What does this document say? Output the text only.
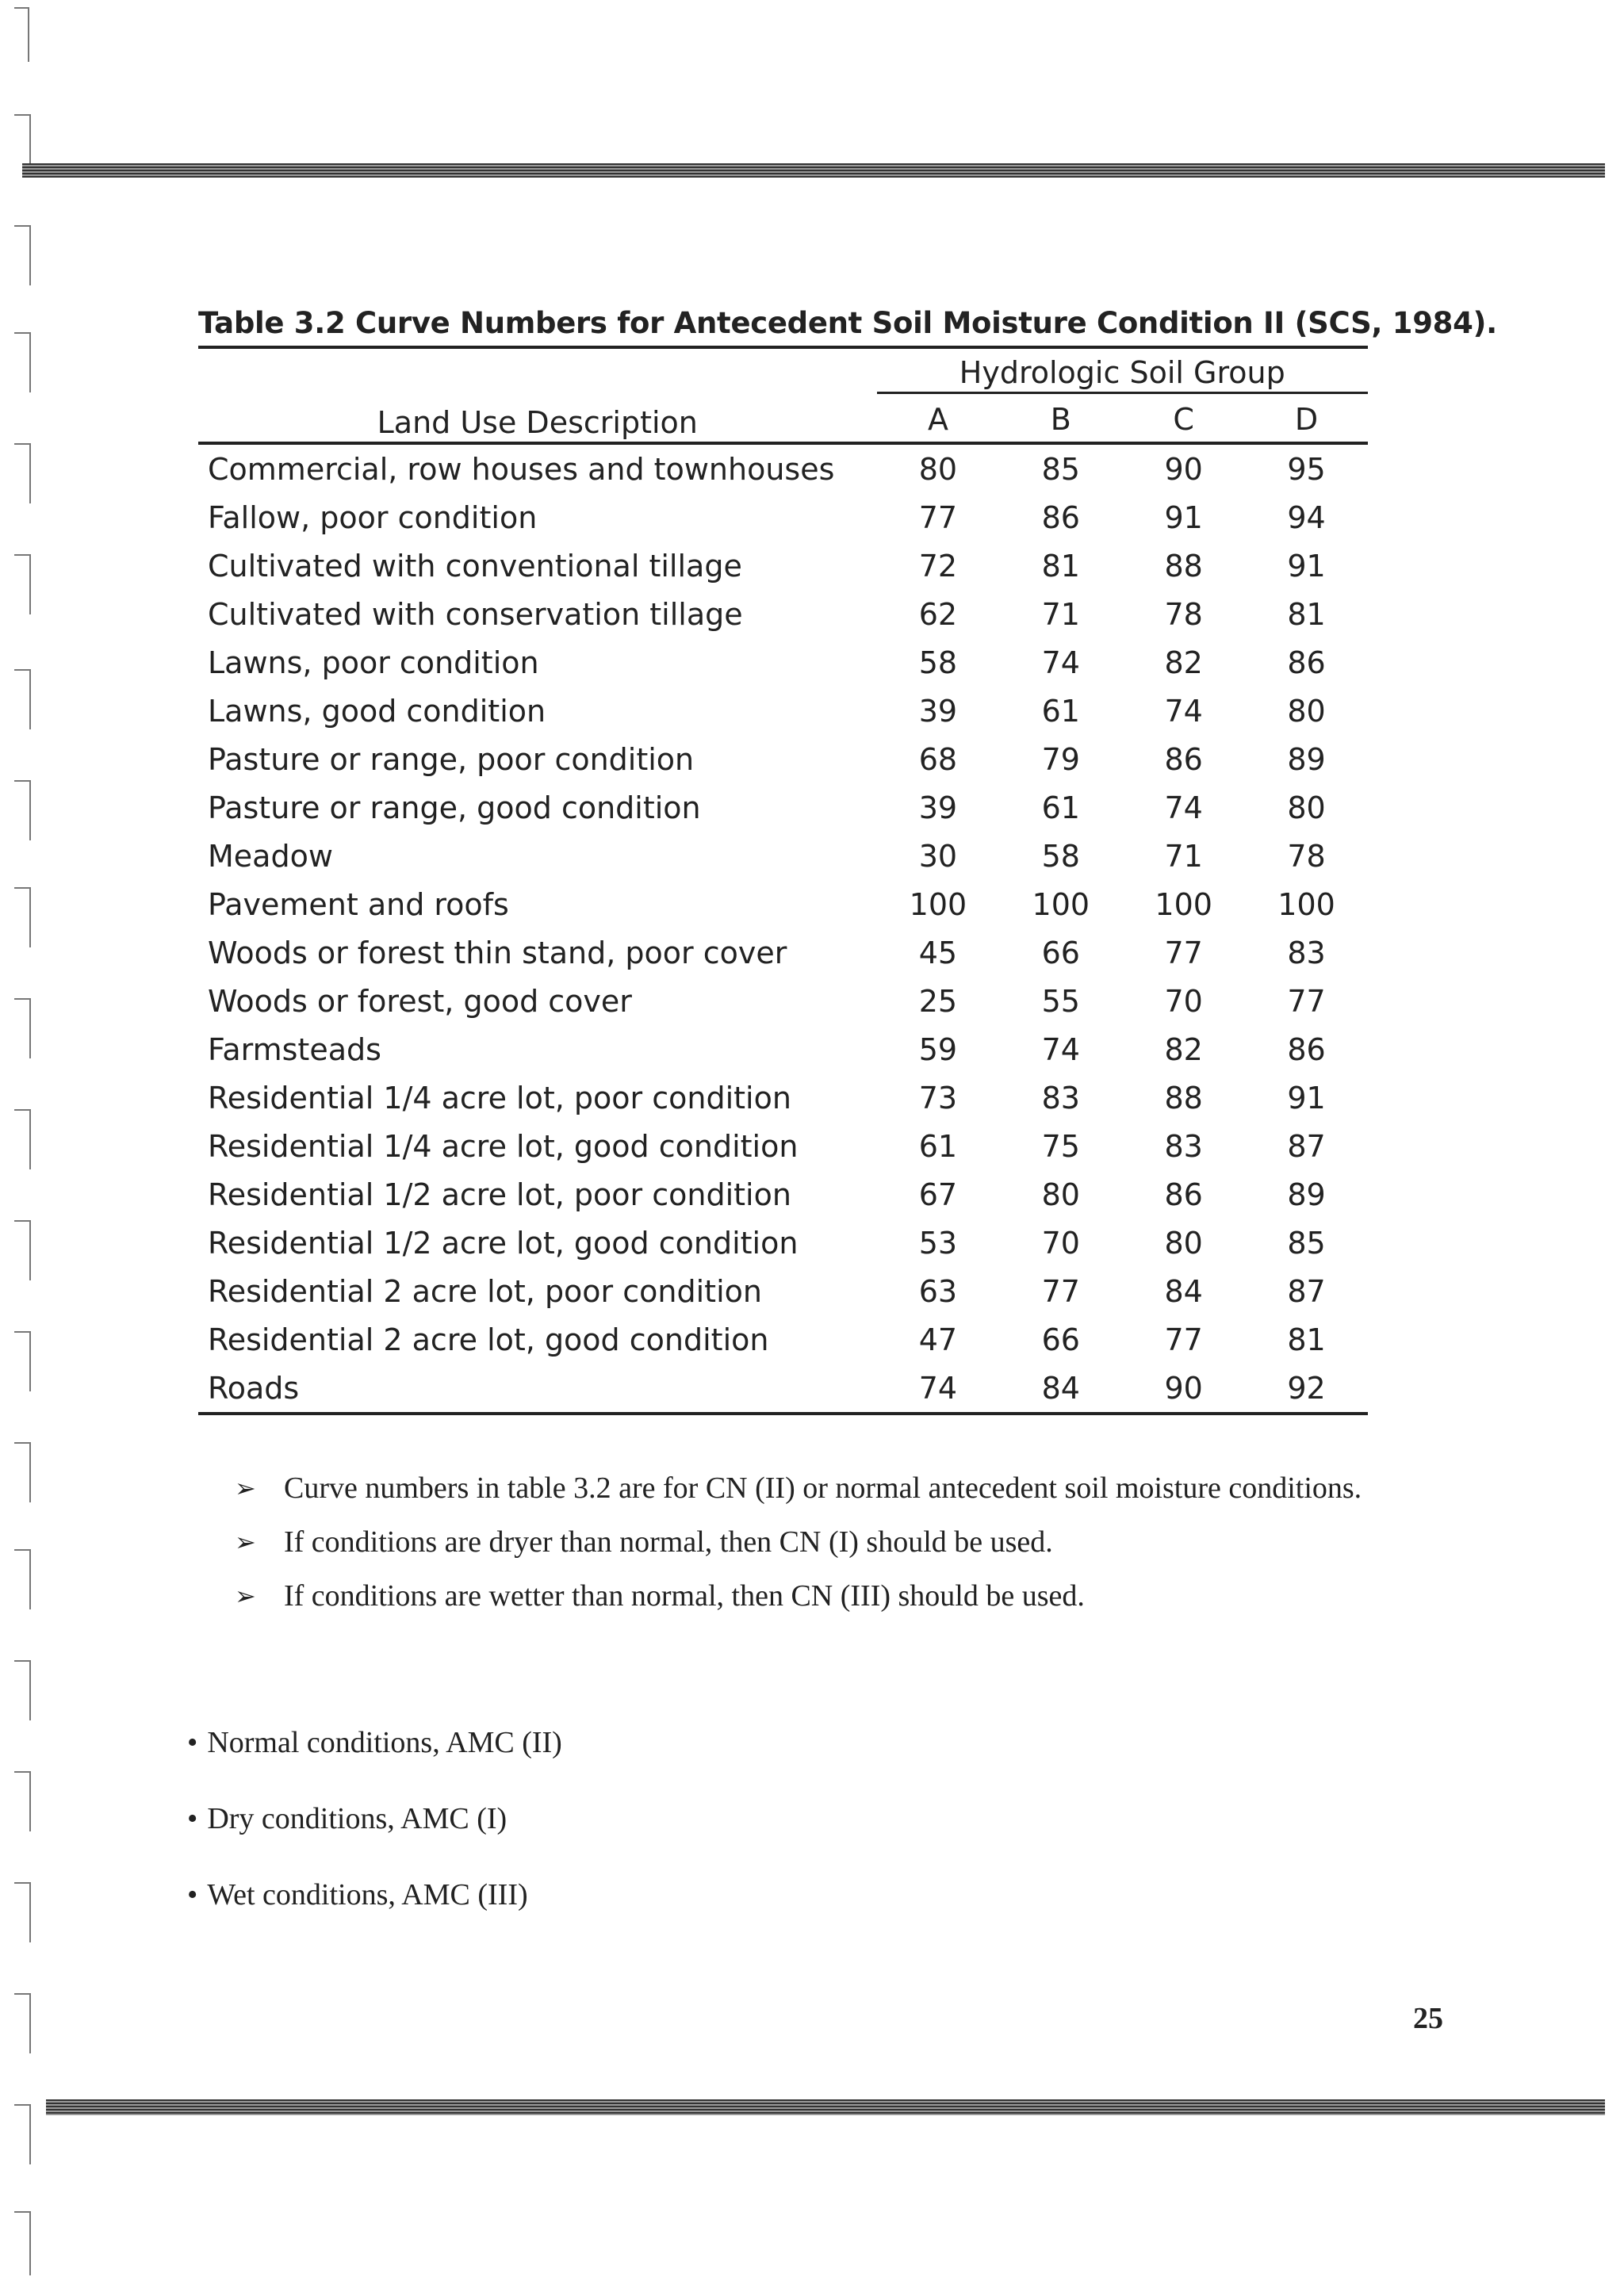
Table 3.2 Curve Numbers for Antecedent Soil Moisture Condition II (SCS, 1984).
Land Use Description	Hydrologic Soil Group			
	A	B	C	D
Commercial, row houses and townhouses	80	85	90	95
Fallow, poor condition	77	86	91	94
Cultivated with conventional tillage	72	81	88	91
Cultivated with conservation tillage	62	71	78	81
Lawns, poor condition	58	74	82	86
Lawns, good condition	39	61	74	80
Pasture or range, poor condition	68	79	86	89
Pasture or range, good condition	39	61	74	80
Meadow	30	58	71	78
Pavement and roofs	100	100	100	100
Woods or forest thin stand, poor cover	45	66	77	83
Woods or forest, good cover	25	55	70	77
Farmsteads	59	74	82	86
Residential 1/4 acre lot, poor condition	73	83	88	91
Residential 1/4 acre lot, good condition	61	75	83	87
Residential 1/2 acre lot, poor condition	67	80	86	89
Residential 1/2 acre lot, good condition	53	70	80	85
Residential 2 acre lot, poor condition	63	77	84	87
Residential 2 acre lot, good condition	47	66	77	81
Roads	74	84	90	92
➢ Curve numbers in table 3.2 are for CN (II) or normal antecedent soil moisture conditions.
➢ If conditions are dryer than normal, then CN (I) should be used.
➢ If conditions are wetter than normal, then CN (III) should be used.
• Normal conditions, AMC (II)
• Dry conditions, AMC (I)
• Wet conditions, AMC (III)
25
